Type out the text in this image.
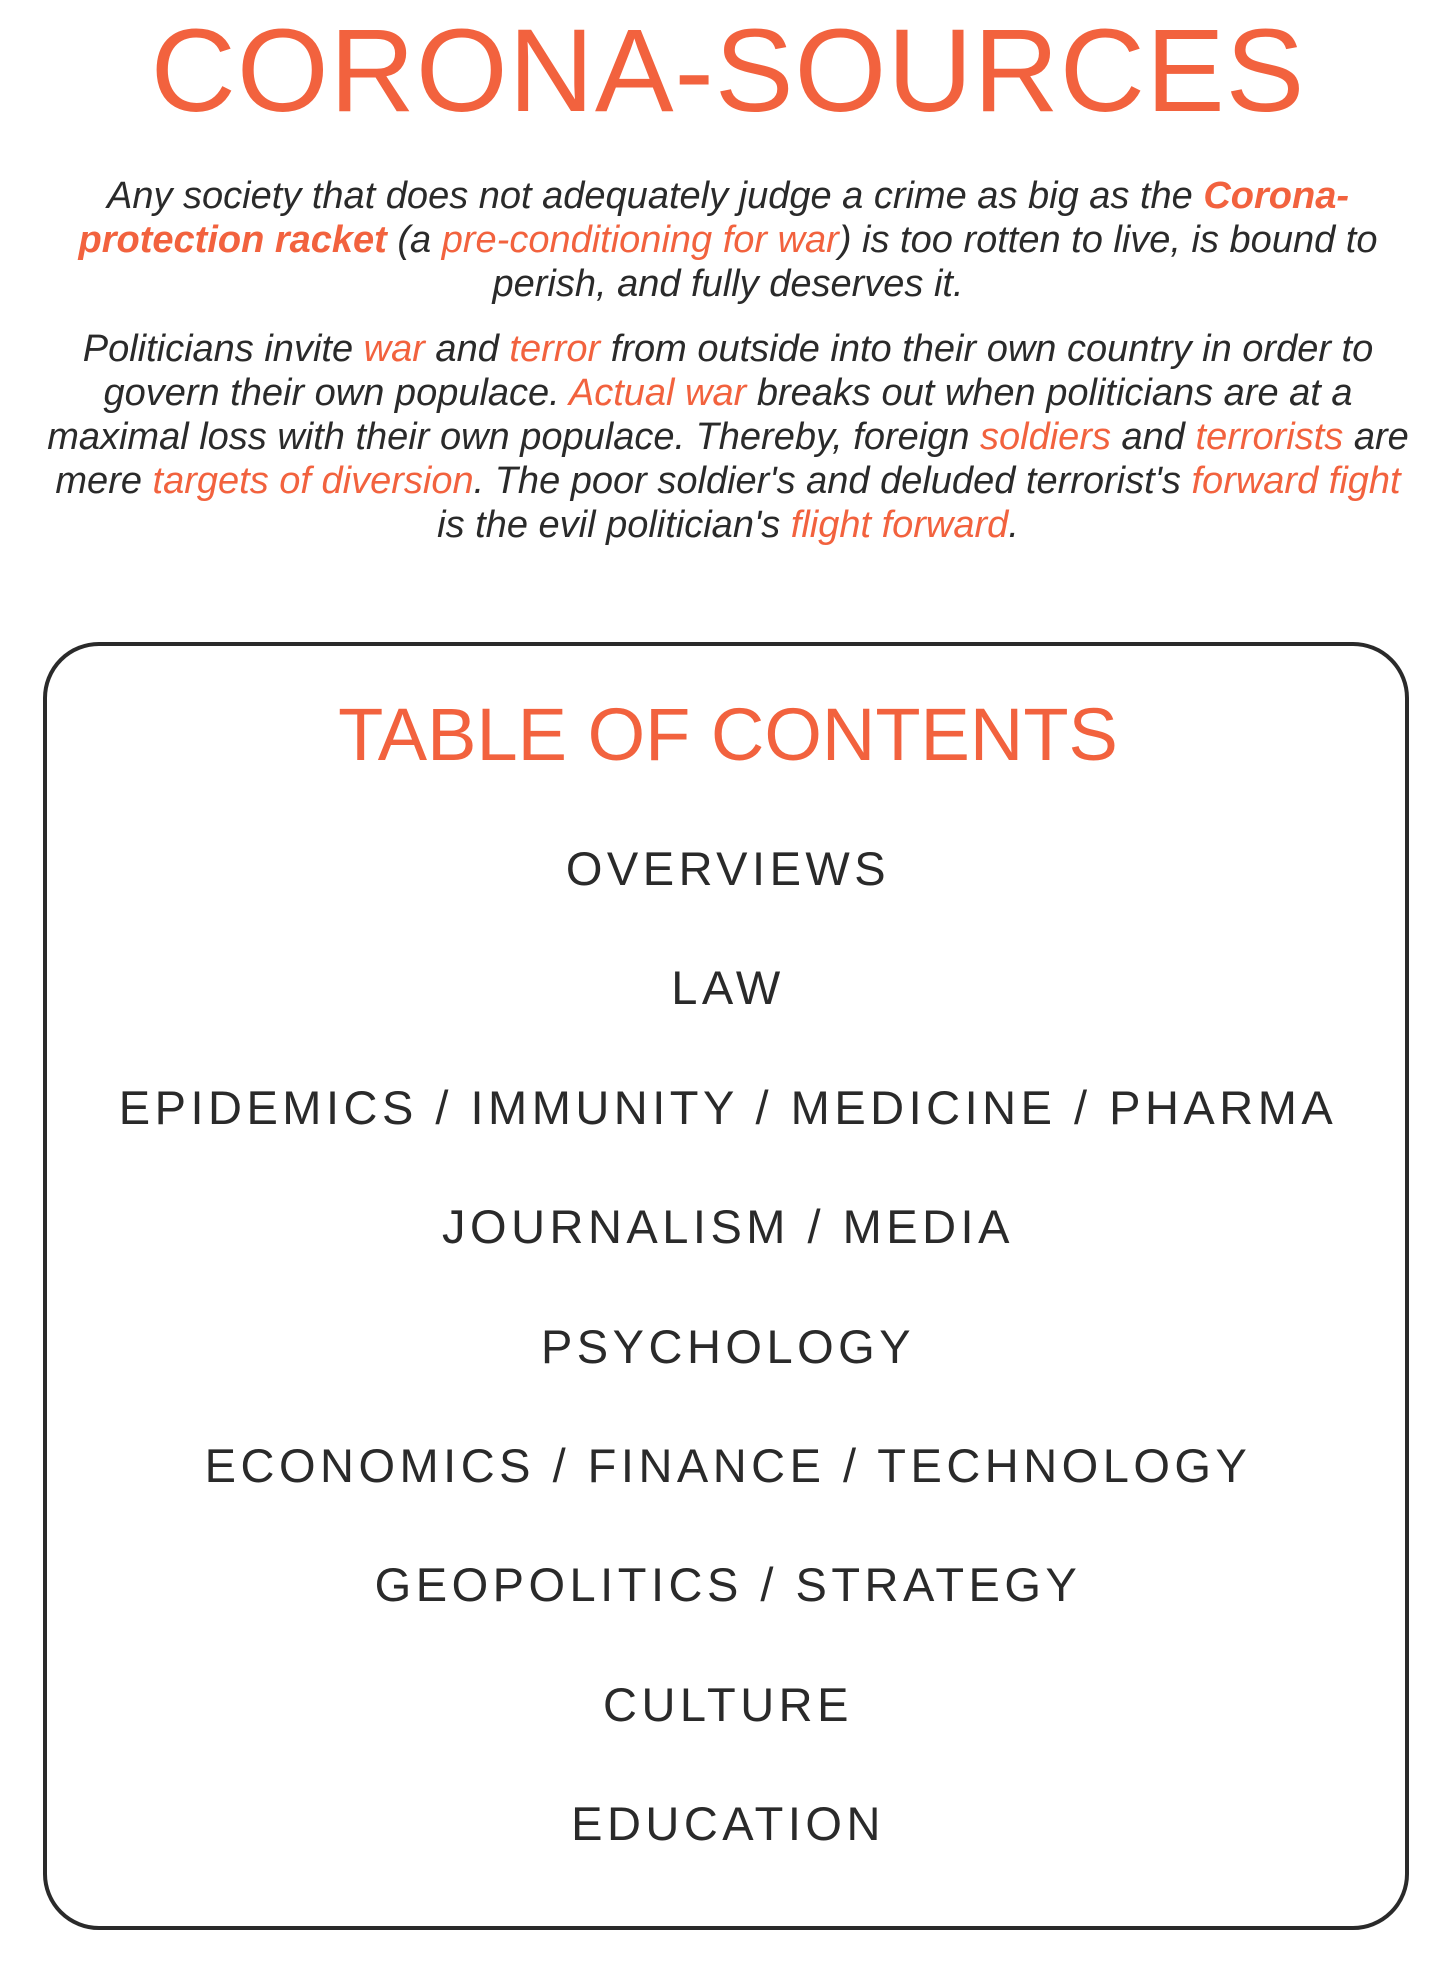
CORONA-SOURCES

Any society that does not adequately judge a crime as big as the Corona-protection racket (a pre-conditioning for war) is too rotten to live, is bound to perish, and fully deserves it.

Politicians invite war and terror from outside into their own country in order to govern their own populace. Actual war breaks out when politicians are at a maximal loss with their own populace. Thereby, foreign soldiers and terrorists are mere targets of diversion. The poor soldier's and deluded terrorist's forward fight is the evil politician's flight forward.

TABLE OF CONTENTS
OVERVIEWS
LAW
EPIDEMICS / IMMUNITY / MEDICINE / PHARMA
JOURNALISM / MEDIA
PSYCHOLOGY
ECONOMICS / FINANCE / TECHNOLOGY
GEOPOLITICS / STRATEGY
CULTURE
EDUCATION
